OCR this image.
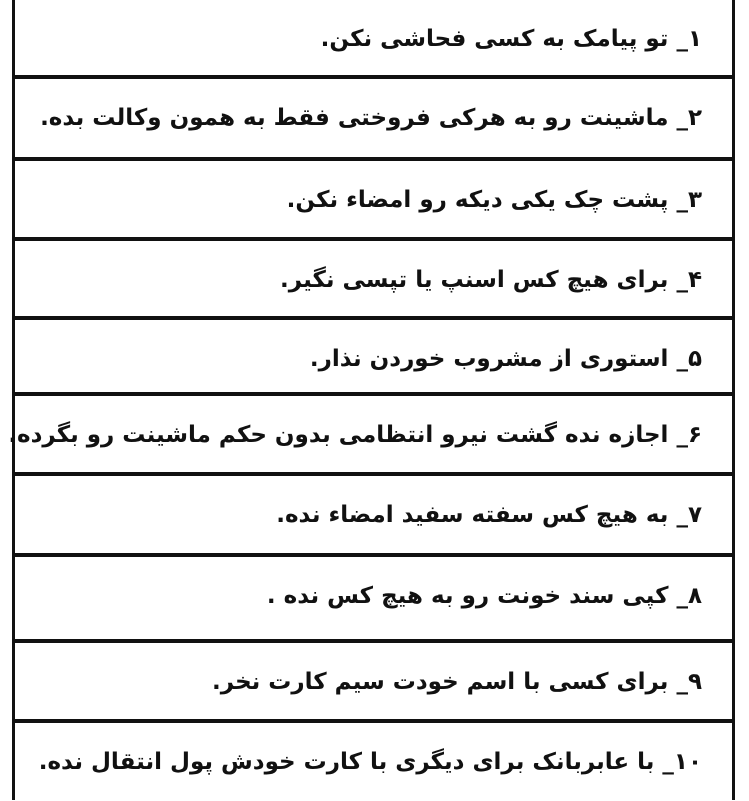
۱_ تو پیامک به کسی فحاشی نکن.
۲_ ماشینت رو به هرکی فروختی فقط به همون وکالت بده.
۳_ پشت چک یکی دیکه رو امضاء نکن.
۴_ برای هیچ کس اسنپ یا تپسی نگیر.
۵_ استوری از مشروب خوردن نذار.
۶_ اجازه نده گشت نیرو انتظامی بدون حکم ماشینت رو بگرده.
۷_ به هیچ کس سفته سفید امضاء نده.
۸_ کپی سند خونت رو به هیچ کس نده .
۹_ برای کسی با اسم خودت سیم کارت نخر.
۱۰_ با عابربانک برای دیگری با کارت خودش پول انتقال نده.
